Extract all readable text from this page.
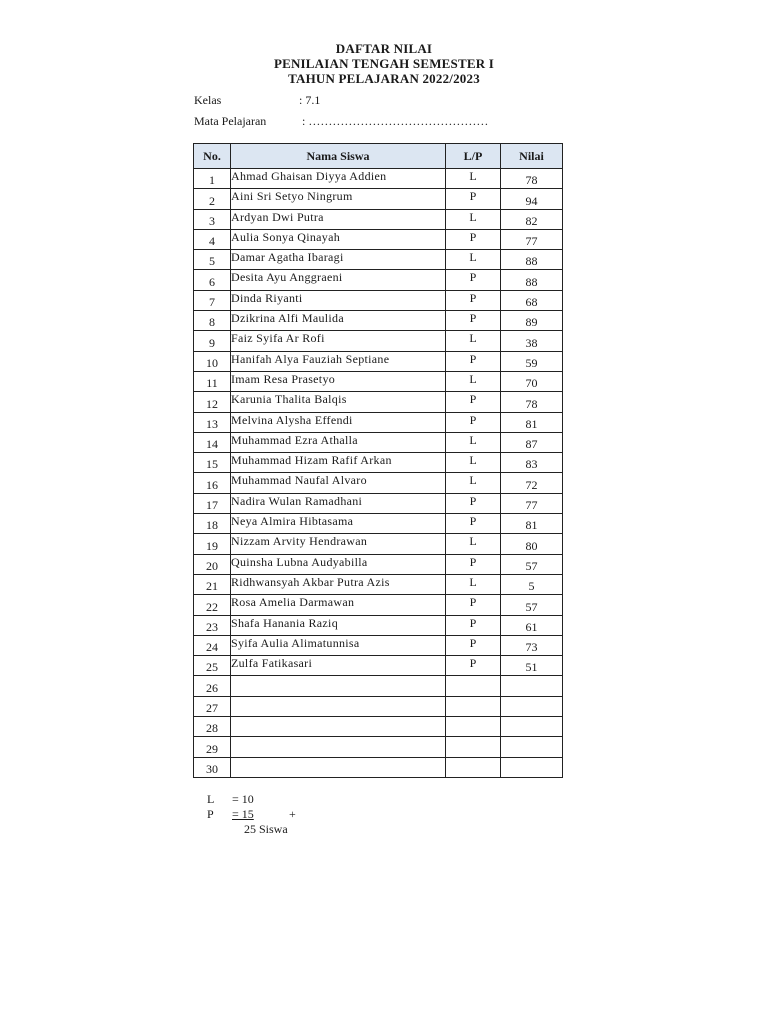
DAFTAR NILAI
PENILAIAN TENGAH SEMESTER I
TAHUN PELAJARAN 2022/2023
Kelas	: 7.1
Mata Pelajaran	: ………………………………………
No.	Nama Siswa	L/P	Nilai
1	Ahmad Ghaisan Diyya Addien	L	78
2	Aini Sri Setyo Ningrum	P	94
3	Ardyan Dwi Putra	L	82
4	Aulia Sonya Qinayah	P	77
5	Damar Agatha Ibaragi	L	88
6	Desita Ayu Anggraeni	P	88
7	Dinda Riyanti	P	68
8	Dzikrina Alfi Maulida	P	89
9	Faiz Syifa Ar Rofi	L	38
10	Hanifah Alya Fauziah Septiane	P	59
11	Imam Resa Prasetyo	L	70
12	Karunia Thalita Balqis	P	78
13	Melvina Alysha Effendi	P	81
14	Muhammad Ezra Athalla	L	87
15	Muhammad Hizam Rafif Arkan	L	83
16	Muhammad Naufal Alvaro	L	72
17	Nadira Wulan Ramadhani	P	77
18	Neya Almira Hibtasama	P	81
19	Nizzam Arvity Hendrawan	L	80
20	Quinsha Lubna Audyabilla	P	57
21	Ridhwansyah Akbar Putra Azis	L	5
22	Rosa Amelia Darmawan	P	57
23	Shafa Hanania Raziq	P	61
24	Syifa Aulia Alimatunnisa	P	73
25	Zulfa Fatikasari	P	51
26			
27			
28			
29			
30			
L = 10
P = 15	+
25 Siswa
